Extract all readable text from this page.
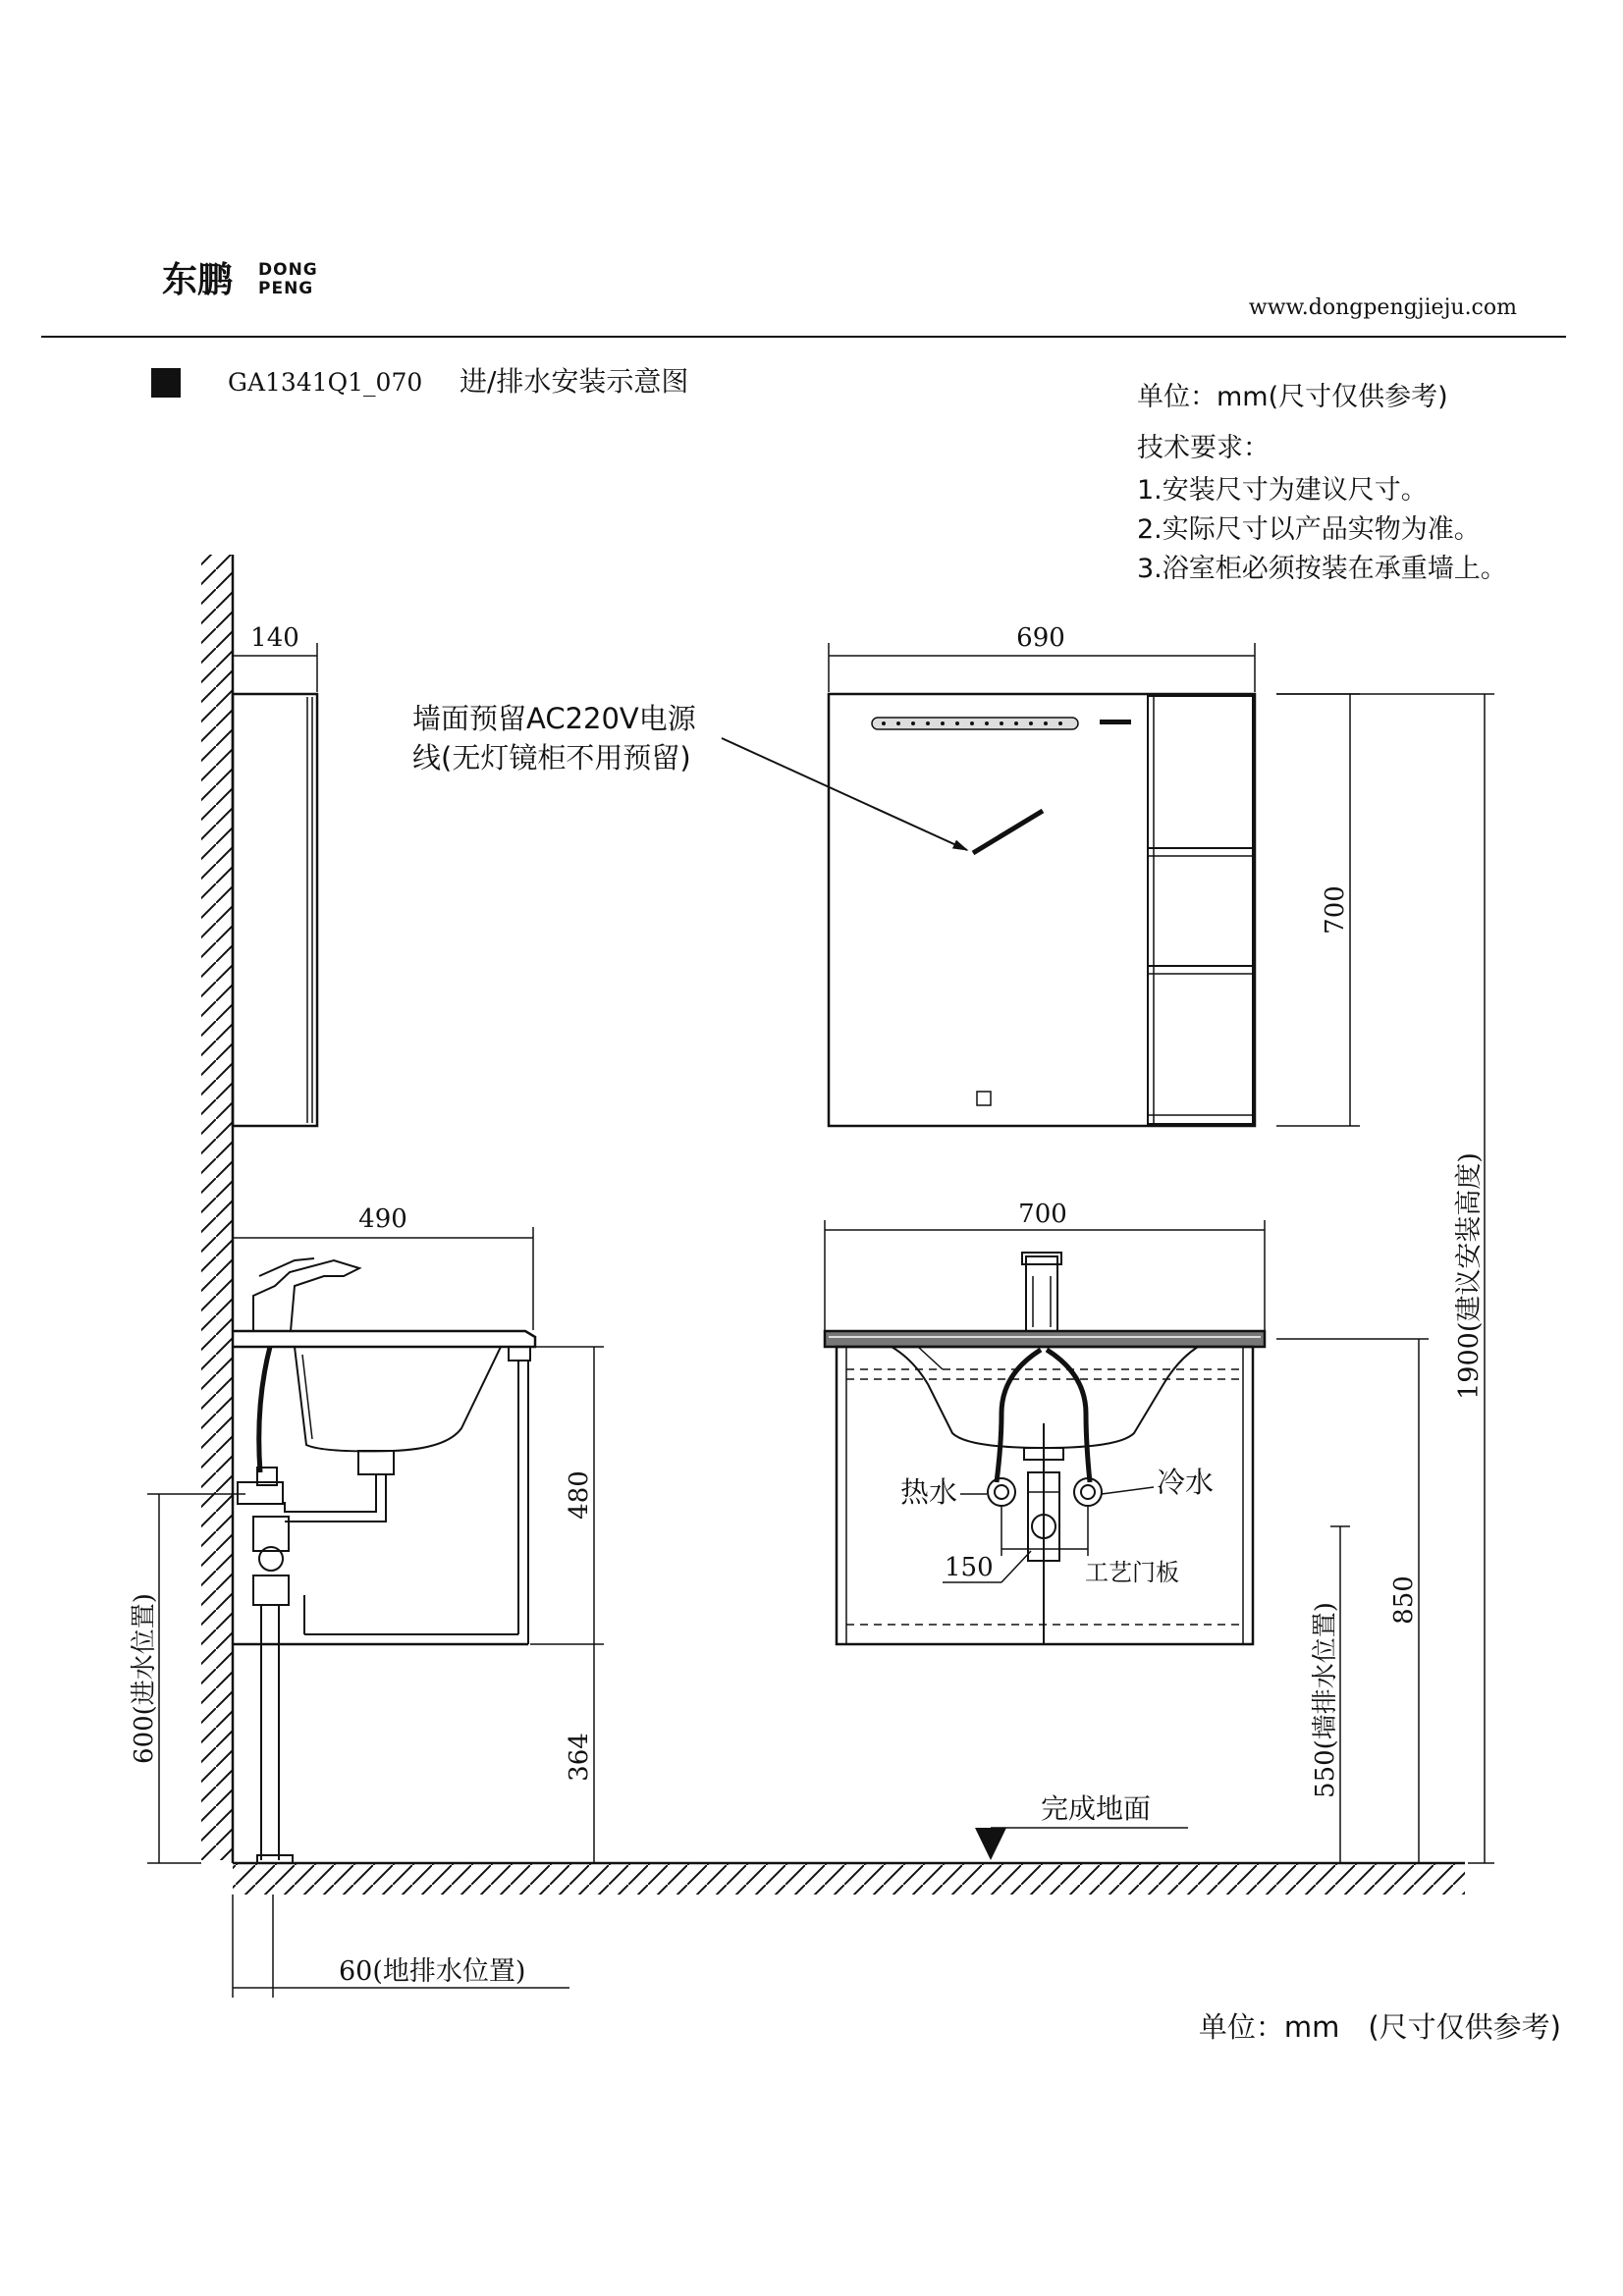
东鹏 DONG
PENG
www.dongpengjieju.com
GA1341Q1_070 进/排水安装示意图	单位：mm(尺寸仅供参考)
技术要求：
1.安装尺寸为建议尺寸。
2.实际尺寸以产品实物为准。
3.浴室柜必须按装在承重墙上。
140
墙面预留AC220V电源
线(无灯镜柜不用预留)
690
700
490
480
364
600(进水位置)
60(地排水位置)
热水	冷水
150	工艺门板
700	1900(建议安装高度)
850
550(墙排水位置)
完成地面
单位：mm　(尺寸仅供参考)
